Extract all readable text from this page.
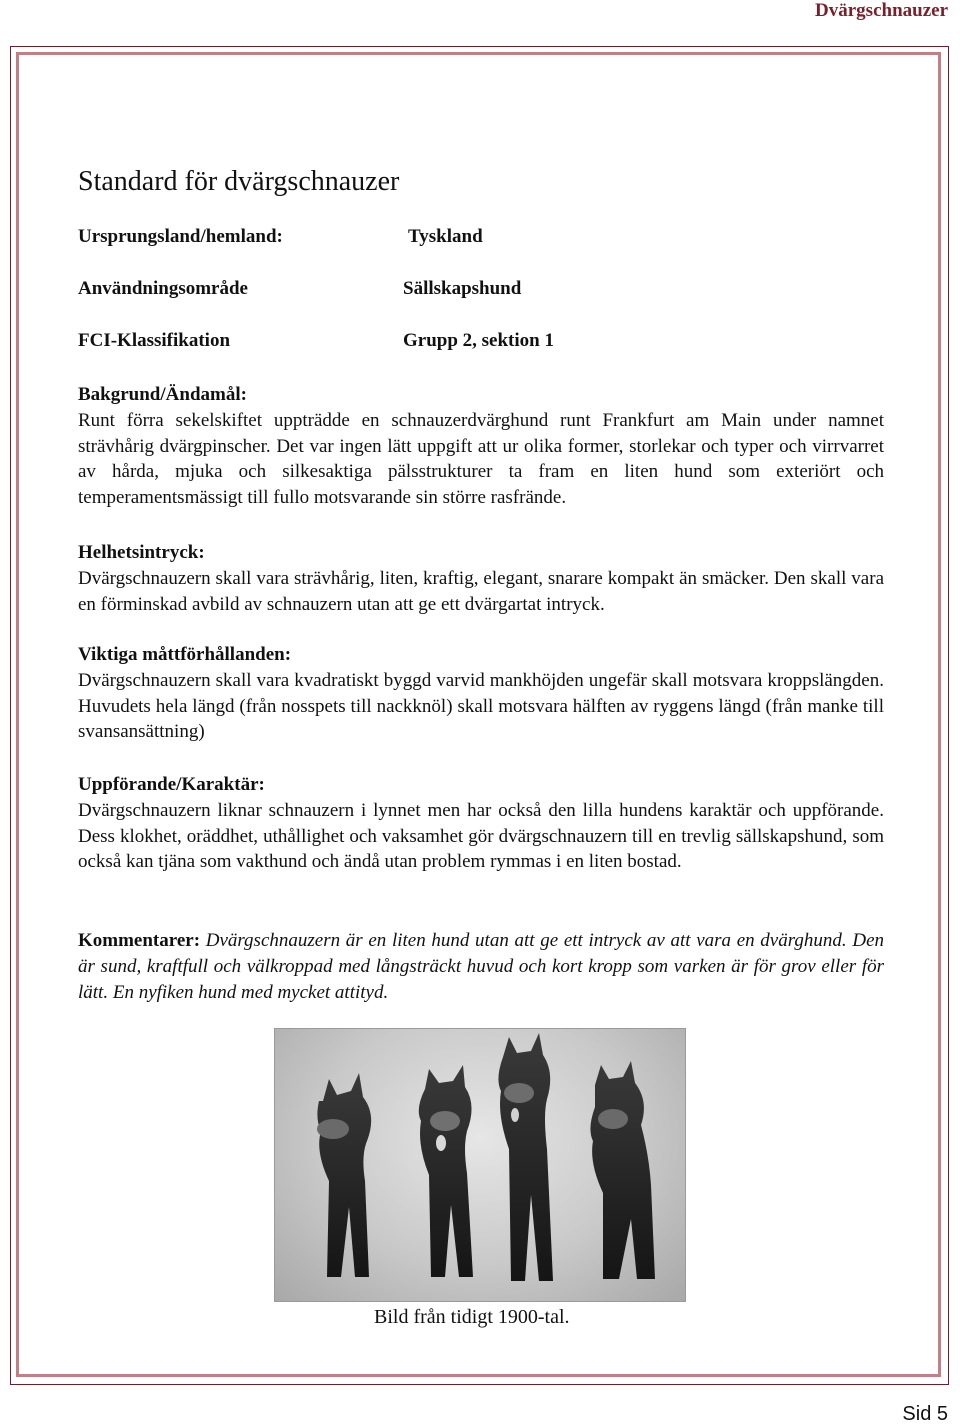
Dvärgschnauzer
Standard för dvärgschnauzer
Ursprungsland/hemland:	Tyskland
Användningsområde	Sällskapshund
FCI-Klassifikation	Grupp 2, sektion 1
Bakgrund/Ändamål:

Runt förra sekelskiftet uppträdde en schnauzerdvärghund runt Frankfurt am Main under namnet strävhårig dvärgpinscher. Det var ingen lätt uppgift att ur olika former, storlekar och typer och virrvarret av hårda, mjuka och silkesaktiga pälsstrukturer ta fram en liten hund som exteriört och temperamentsmässigt till fullo motsvarande sin större rasfrände.

Helhetsintryck:

Dvärgschnauzern skall vara strävhårig, liten, kraftig, elegant, snarare kompakt än smäcker. Den skall vara en förminskad avbild av schnauzern utan att ge ett dvärgartat intryck.

Viktiga måttförhållanden:

Dvärgschnauzern skall vara kvadratiskt byggd varvid mankhöjden ungefär skall motsvara kroppslängden. Huvudets hela längd (från nosspets till nackknöl) skall motsvara hälften av ryggens längd (från manke till svansansättning)

Uppförande/Karaktär:

Dvärgschnauzern liknar schnauzern i lynnet men har också den lilla hundens karaktär och uppförande. Dess klokhet, oräddhet, uthållighet och vaksamhet gör dvärgschnauzern till en trevlig sällskapshund, som också kan tjäna som vakthund och ändå utan problem rymmas i en liten bostad.

Kommentarer: Dvärgschnauzern är en liten hund utan att ge ett intryck av att vara en dvärghund. Den är sund, kraftfull och välkroppad med långsträckt huvud och kort kropp som varken är för grov eller för lätt. En nyfiken hund med mycket attityd.

Bild från tidigt 1900-tal.
Sid 5
